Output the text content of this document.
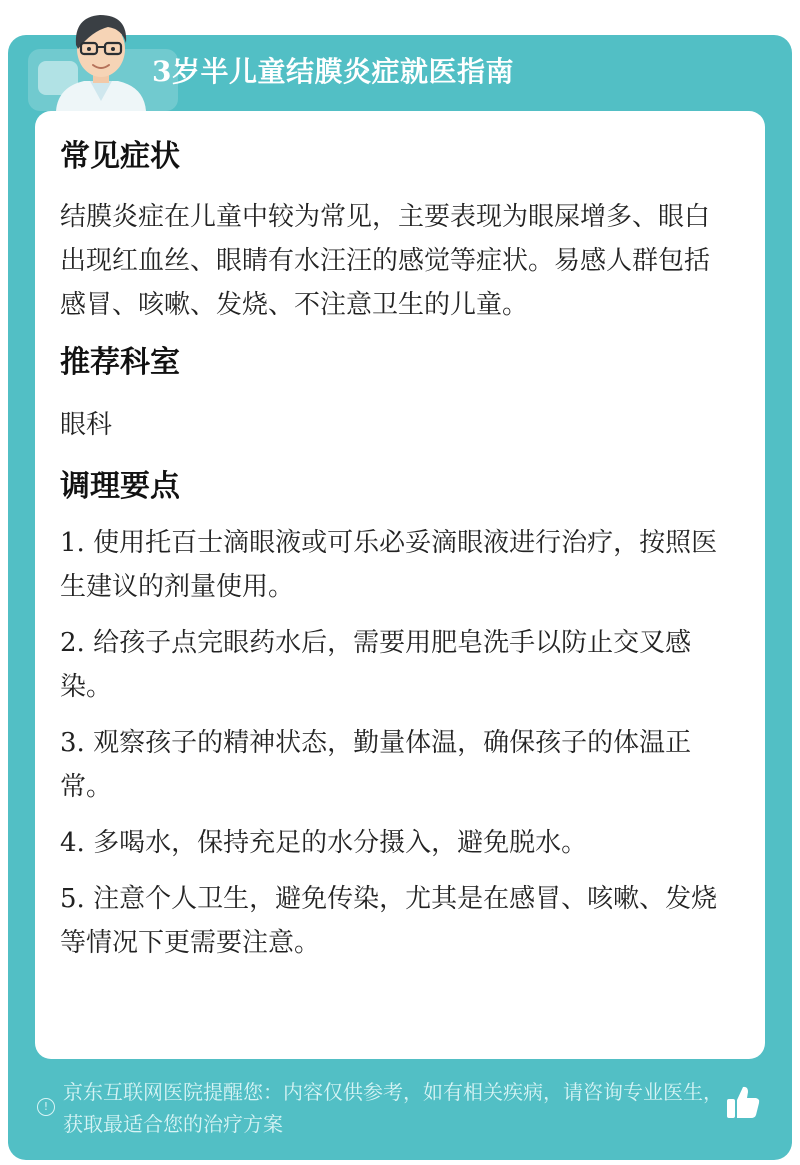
3岁半儿童结膜炎症就医指南
常见症状

结膜炎症在儿童中较为常见，主要表现为眼屎增多、眼白出现红血丝、眼睛有水汪汪的感觉等症状。易感人群包括感冒、咳嗽、发烧、不注意卫生的儿童。

推荐科室

眼科

调理要点
1. 使用托百士滴眼液或可乐必妥滴眼液进行治疗，按照医生建议的剂量使用。
2. 给孩子点完眼药水后，需要用肥皂洗手以防止交叉感染。
3. 观察孩子的精神状态，勤量体温，确保孩子的体温正常。
4. 多喝水，保持充足的水分摄入，避免脱水。
5. 注意个人卫生，避免传染，尤其是在感冒、咳嗽、发烧等情况下更需要注意。
!
京东互联网医院提醒您：内容仅供参考，如有相关疾病，请咨询专业医生，获取最适合您的治疗方案
